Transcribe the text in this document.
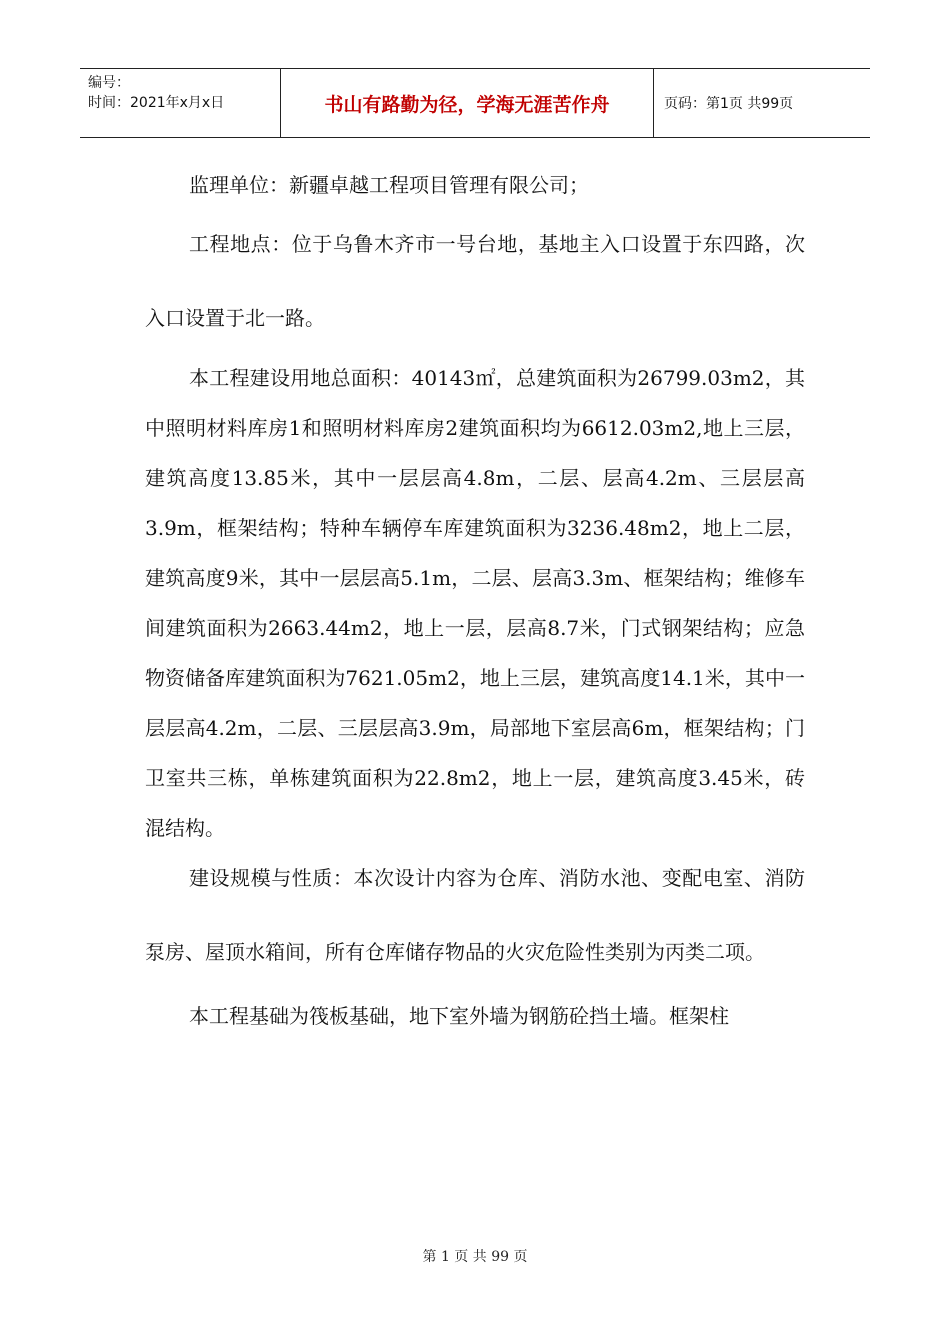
编号：
时间：2021年x月x日	书山有路勤为径，学海无涯苦作舟	页码：第1页 共99页

监理单位：新疆卓越工程项目管理有限公司；

工程地点：位于乌鲁木齐市一号台地，基地主入口设置于东四路，次入口设置于北一路。

本工程建设用地总面积：40143㎡，总建筑面积为26799.03m2，其中照明材料库房1和照明材料库房2建筑面积均为6612.03m2,地上三层，建筑高度13.85米，其中一层层高4.8m，二层、层高4.2m、三层层高3.9m，框架结构；特种车辆停车库建筑面积为3236.48m2，地上二层，建筑高度9米，其中一层层高5.1m，二层、层高3.3m、框架结构；维修车间建筑面积为2663.44m2，地上一层，层高8.7米，门式钢架结构；应急物资储备库建筑面积为7621.05m2，地上三层，建筑高度14.1米，其中一层层高4.2m，二层、三层层高3.9m，局部地下室层高6m，框架结构；门卫室共三栋，单栋建筑面积为22.8m2，地上一层，建筑高度3.45米，砖混结构。

建设规模与性质：本次设计内容为仓库、消防水池、变配电室、消防泵房、屋顶水箱间，所有仓库储存物品的火灾危险性类别为丙类二项。

本工程基础为筏板基础，地下室外墙为钢筋砼挡土墙。框架柱

第 1 页 共 99 页
